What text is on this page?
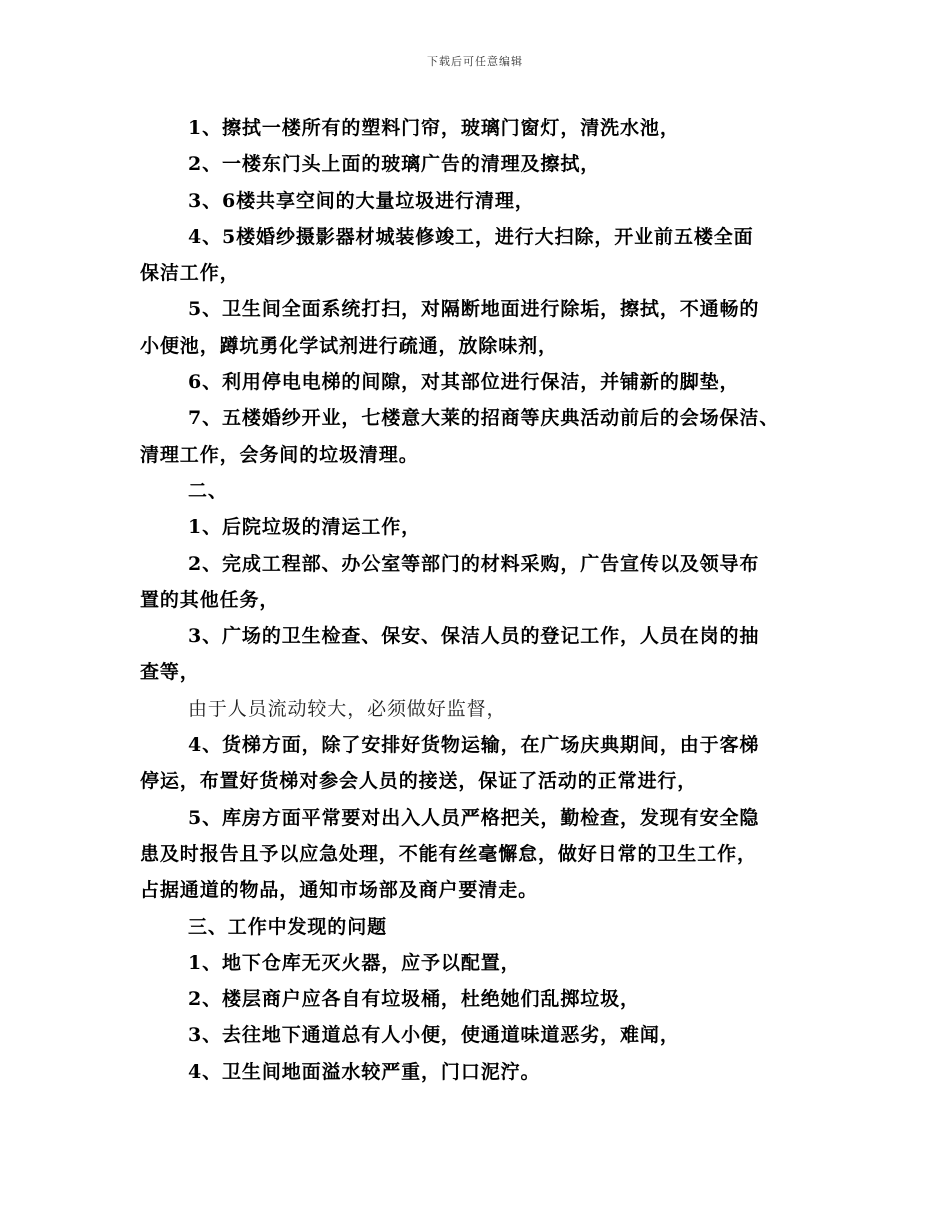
下载后可任意编辑
1、擦拭一楼所有的塑料门帘，玻璃门窗灯，清洗水池，
2、一楼东门头上面的玻璃广告的清理及擦拭，
3、6楼共享空间的大量垃圾进行清理，
4、5楼婚纱摄影器材城装修竣工，进行大扫除，开业前五楼全面
保洁工作，
5、卫生间全面系统打扫，对隔断地面进行除垢，擦拭，不通畅的
小便池，蹲坑勇化学试剂进行疏通，放除味剂，
6、利用停电电梯的间隙，对其部位进行保洁，并铺新的脚垫，
7、五楼婚纱开业，七楼意大莱的招商等庆典活动前后的会场保洁、
清理工作，会务间的垃圾清理。
二、
1、后院垃圾的清运工作，
2、完成工程部、办公室等部门的材料采购，广告宣传以及领导布
置的其他任务，
3、广场的卫生检查、保安、保洁人员的登记工作，人员在岗的抽
查等，
由于人员流动较大，必须做好监督，
4、货梯方面，除了安排好货物运输，在广场庆典期间，由于客梯
停运，布置好货梯对参会人员的接送，保证了活动的正常进行，
5、库房方面平常要对出入人员严格把关，勤检查，发现有安全隐
患及时报告且予以应急处理，不能有丝毫懈怠，做好日常的卫生工作，
占据通道的物品，通知市场部及商户要清走。
三、工作中发现的问题
1、地下仓库无灭火器，应予以配置，
2、楼层商户应各自有垃圾桶，杜绝她们乱掷垃圾，
3、去往地下通道总有人小便，使通道味道恶劣，难闻，
4、卫生间地面溢水较严重，门口泥泞。
